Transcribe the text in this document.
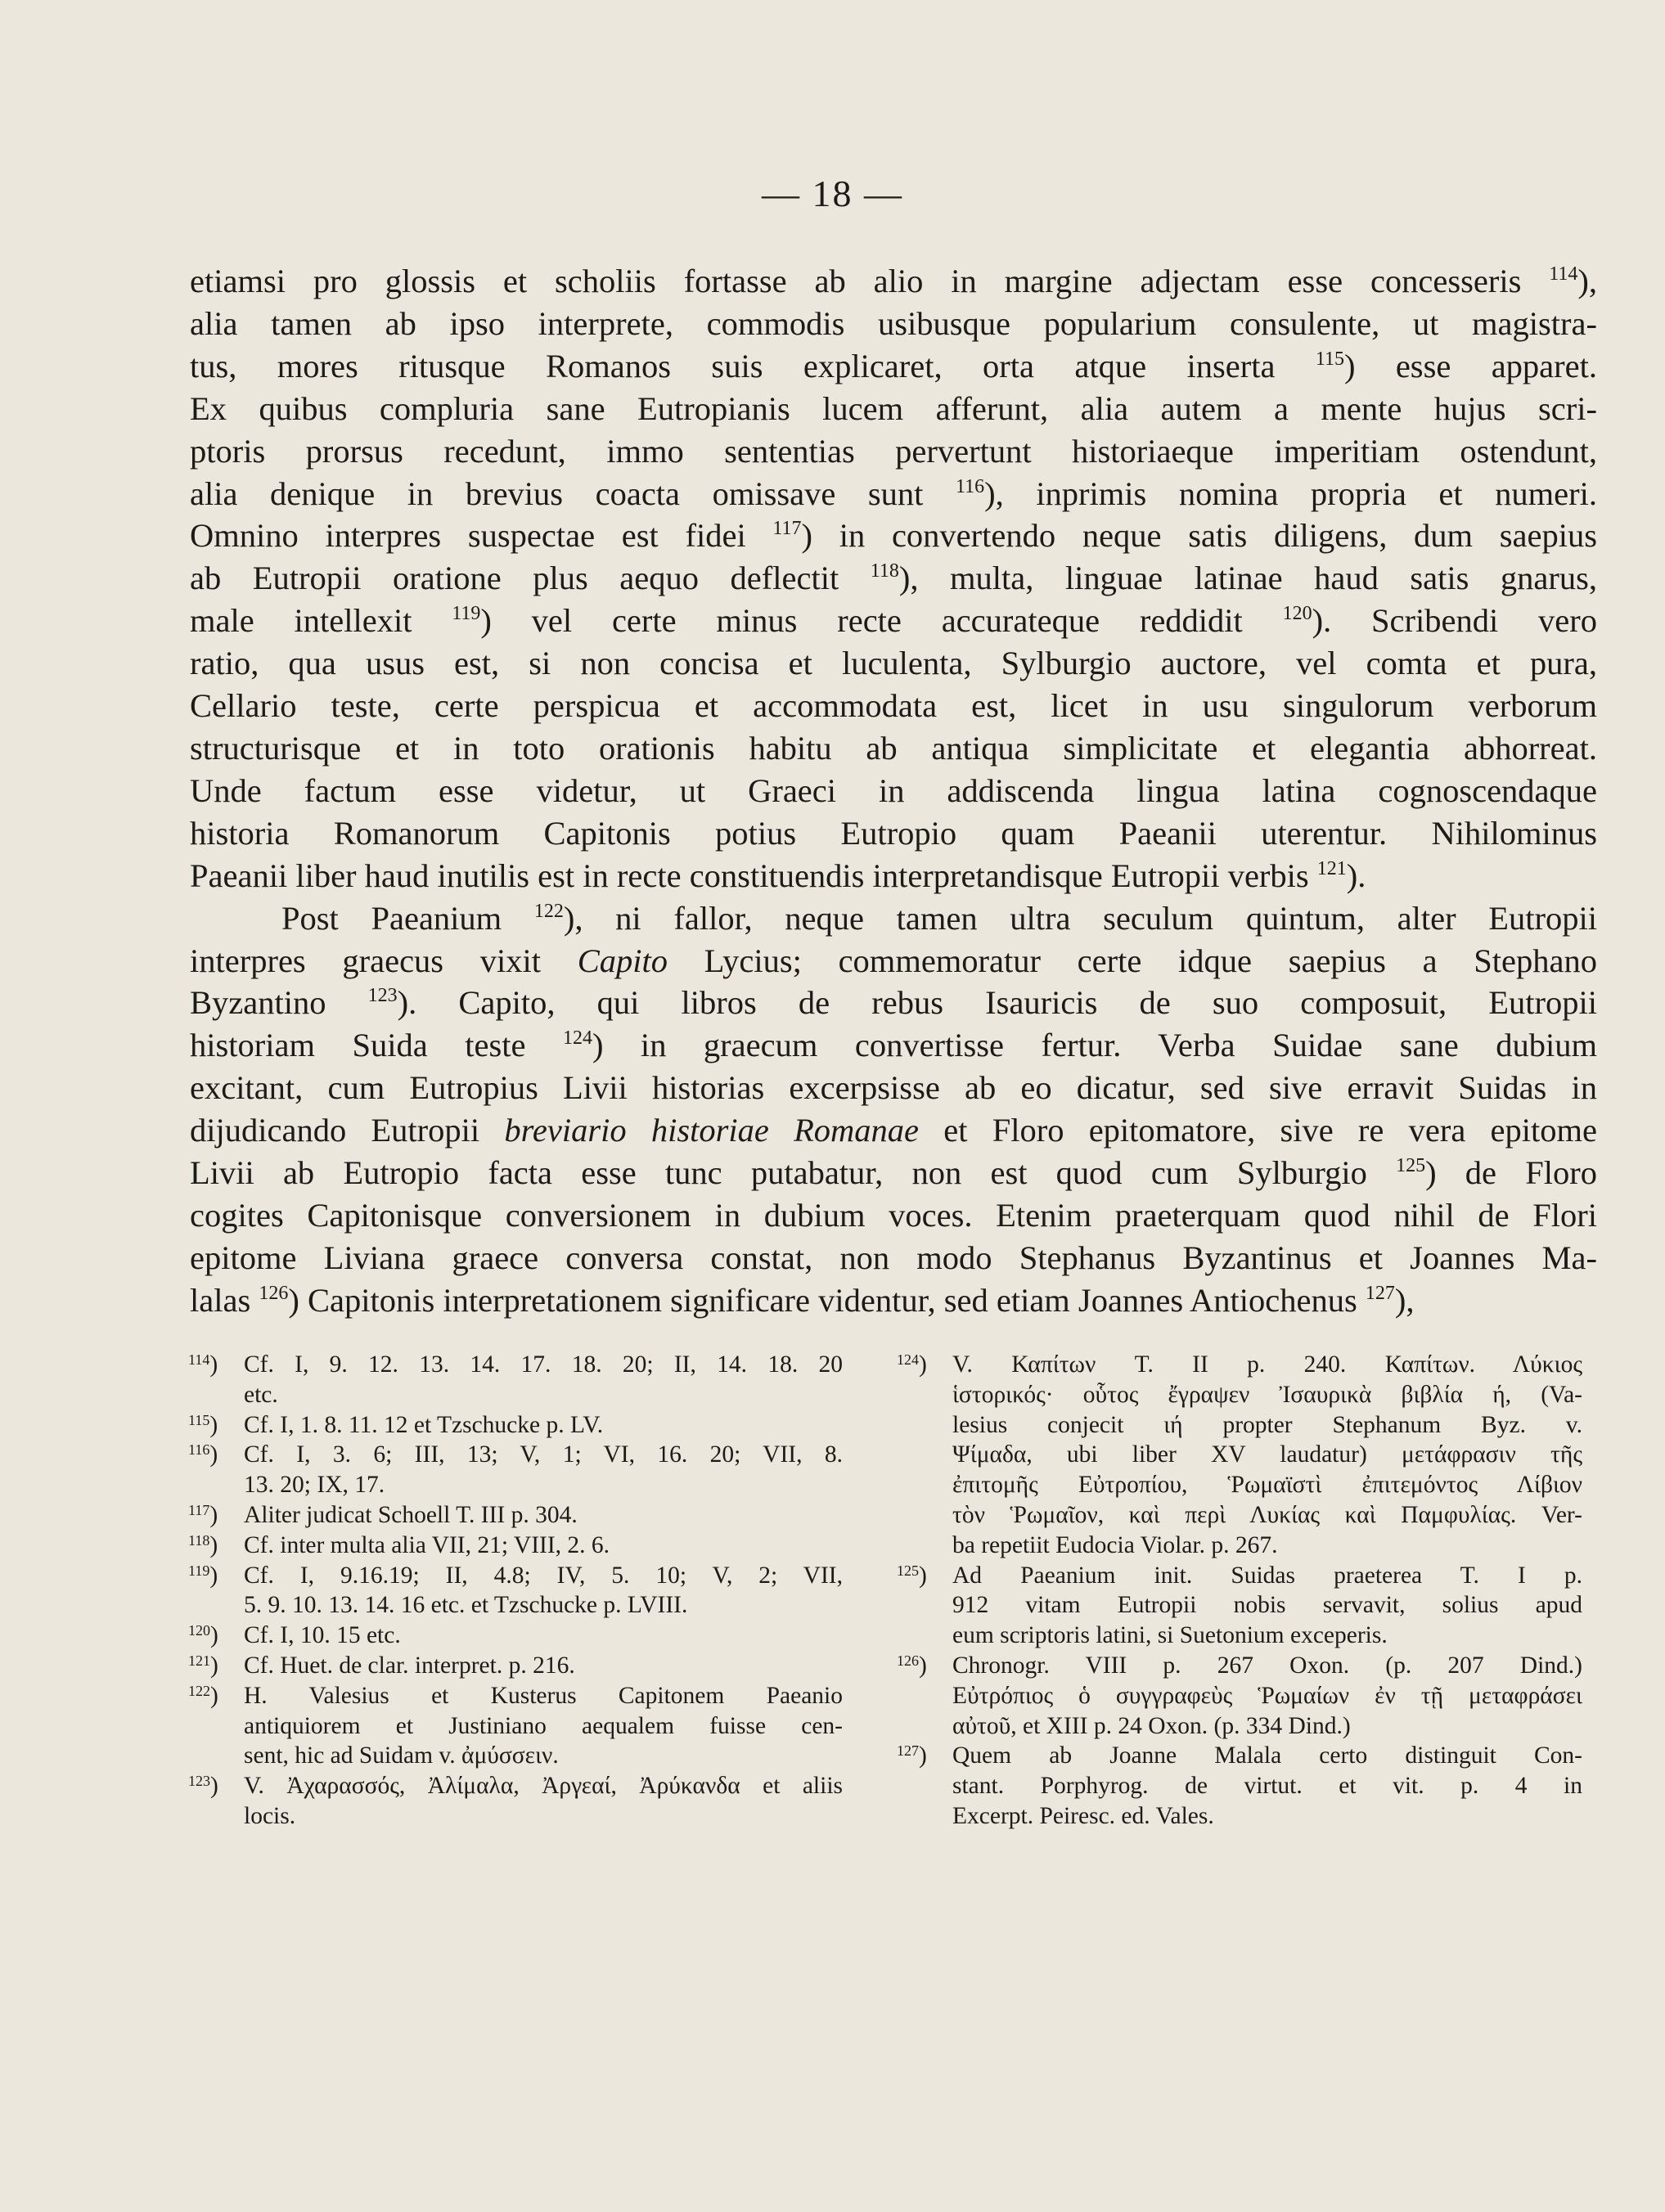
— 18 —
etiamsi pro glossis et scholiis fortasse ab alio in margine adjectam esse concesseris $^{114}$),
alia tamen ab ipso interprete, commodis usibusque popularium consulente, ut magistra-
tus, mores ritusque Romanos suis explicaret, orta atque inserta $^{115}$) esse apparet.
Ex quibus compluria sane Eutropianis lucem afferunt, alia autem a mente hujus scri-
ptoris prorsus recedunt, immo sententias pervertunt historiaeque imperitiam ostendunt,
alia denique in brevius coacta omissave sunt $^{116}$), inprimis nomina propria et numeri.
Omnino interpres suspectae est fidei $^{117}$) in convertendo neque satis diligens, dum saepius
ab Eutropii oratione plus aequo deflectit $^{118}$), multa, linguae latinae haud satis gnarus,
male intellexit $^{119}$) vel certe minus recte accurateque reddidit $^{120}$). Scribendi vero
ratio, qua usus est, si non concisa et luculenta, Sylburgio auctore, vel comta et pura,
Cellario teste, certe perspicua et accommodata est, licet in usu singulorum verborum
structurisque et in toto orationis habitu ab antiqua simplicitate et elegantia abhorreat.
Unde factum esse videtur, ut Graeci in addiscenda lingua latina cognoscendaque
historia Romanorum Capitonis potius Eutropio quam Paeanii uterentur. Nihilominus
Paeanii liber haud inutilis est in recte constituendis interpretandisque Eutropii verbis $^{121}$).
Post Paeanium $^{122}$), ni fallor, neque tamen ultra seculum quintum, alter Eutropii
interpres graecus vixit Capito Lycius; commemoratur certe idque saepius a Stephano
Byzantino $^{123}$). Capito, qui libros de rebus Isauricis de suo composuit, Eutropii
historiam Suida teste $^{124}$) in graecum convertisse fertur. Verba Suidae sane dubium
excitant, cum Eutropius Livii historias excerpsisse ab eo dicatur, sed sive erravit Suidas in
dijudicando Eutropii breviario historiae Romanae et Floro epitomatore, sive re vera epitome
Livii ab Eutropio facta esse tunc putabatur, non est quod cum Sylburgio $^{125}$) de Floro
cogites Capitonisque conversionem in dubium voces. Etenim praeterquam quod nihil de Flori
epitome Liviana graece conversa constat, non modo Stephanus Byzantinus et Joannes Ma-
lalas $^{126}$) Capitonis interpretationem significare videntur, sed etiam Joannes Antiochenus $^{127}$),
$^{114}$) Cf. I, 9. 12. 13. 14. 17. 18. 20; II, 14. 18. 20
etc.
$^{115}$) Cf. I, 1. 8. 11. 12 et Tzschucke p. LV.
$^{116}$) Cf. I, 3. 6; III, 13; V, 1; VI, 16. 20; VII, 8.
13. 20; IX, 17.
$^{117}$) Aliter judicat Schoell T. III p. 304.
$^{118}$) Cf. inter multa alia VII, 21; VIII, 2. 6.
$^{119}$) Cf. I, 9.16.19; II, 4.8; IV, 5. 10; V, 2; VII,
5. 9. 10. 13. 14. 16 etc. et Tzschucke p. LVIII.
$^{120}$) Cf. I, 10. 15 etc.
$^{121}$) Cf. Huet. de clar. interpret. p. 216.
$^{122}$) H. Valesius et Kusterus Capitonem Paeanio
antiquiorem et Justiniano aequalem fuisse cen-
sent, hic ad Suidam v. ἀμύσσειν.
$^{123}$) V. Ἀχαρασσός, Ἀλίμαλα, Ἀργεαί, Ἀρύκανδα et aliis
locis.
$^{124}$) V. Καπίτων T. II p. 240. Καπίτων. Λύκιος
ἱστορικός· οὗτος ἔγραψεν Ἰσαυρικὰ βιβλία ή, (Va-
lesius conjecit ιή propter Stephanum Byz. v.
Ψίμαδα, ubi liber XV laudatur) μετάφρασιν τῆς
ἐπιτομῆς Εὐτροπίου, Ῥωμαϊστὶ ἐπιτεμόντος Λίβιον
τὸν Ῥωμαῖον, καὶ περὶ Λυκίας καὶ Παμφυλίας. Ver-
ba repetiit Eudocia Violar. p. 267.
$^{125}$) Ad Paeanium init. Suidas praeterea T. I p.
912 vitam Eutropii nobis servavit, solius apud
eum scriptoris latini, si Suetonium exceperis.
$^{126}$) Chronogr. VIII p. 267 Oxon. (p. 207 Dind.)
Εὐτρόπιος ὁ συγγραφεὺς Ῥωμαίων ἐν τῇ μεταφράσει
αὐτοῦ, et XIII p. 24 Oxon. (p. 334 Dind.)
$^{127}$) Quem ab Joanne Malala certo distinguit Con-
stant. Porphyrog. de virtut. et vit. p. 4 in
Excerpt. Peiresc. ed. Vales.
